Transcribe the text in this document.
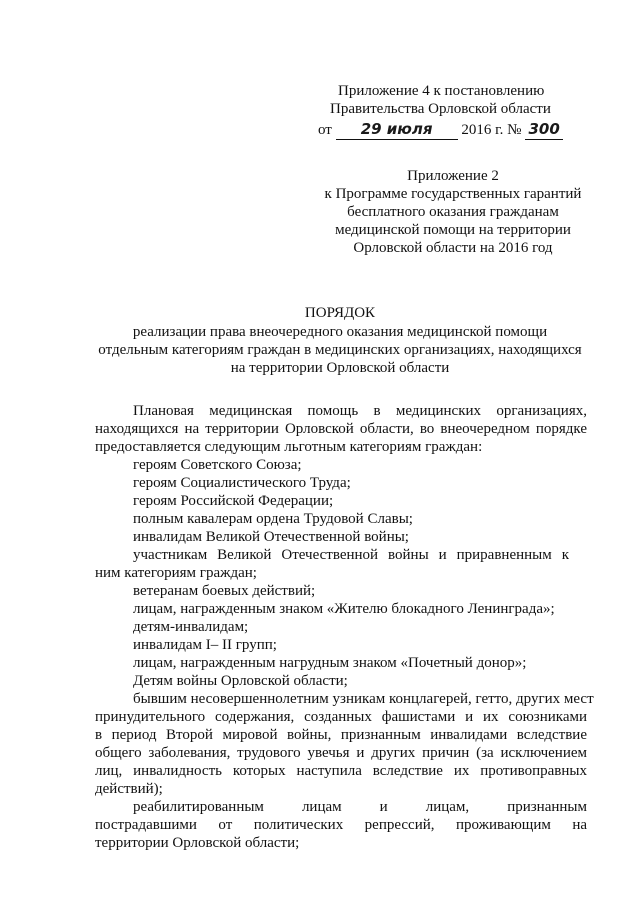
Приложение 4 к постановлению
Правительства Орловской области
от 29 июля 2016 г. № 300
Приложение 2
к Программе государственных гарантий
бесплатного оказания гражданам
медицинской помощи на территории
Орловской области на 2016 год
ПОРЯДОК
реализации права внеочередного оказания медицинской помощи
отдельным категориям граждан в медицинских организациях, находящихся
на территории Орловской области
Плановая медицинская помощь в медицинских организациях,
находящихся на территории Орловской области, во внеочередном порядке
предоставляется следующим льготным категориям граждан:
героям Советского Союза;
героям Социалистического Труда;
героям Российской Федерации;
полным кавалерам ордена Трудовой Славы;
инвалидам Великой Отечественной войны;
участникам Великой Отечественной войны и приравненным к
ним категориям граждан;
ветеранам боевых действий;
лицам, награжденным знаком «Жителю блокадного Ленинграда»;
детям-инвалидам;
инвалидам I– II групп;
лицам, награжденным нагрудным знаком «Почетный донор»;
Детям войны Орловской области;
бывшим несовершеннолетним узникам концлагерей, гетто, других мест
принудительного содержания, созданных фашистами и их союзниками
в период Второй мировой войны, признанным инвалидами вследствие
общего заболевания, трудового увечья и других причин (за исключением
лиц, инвалидность которых наступила вследствие их противоправных
действий);
реабилитированным лицам и лицам, признанным
пострадавшими от политических репрессий, проживающим на
территории Орловской области;
